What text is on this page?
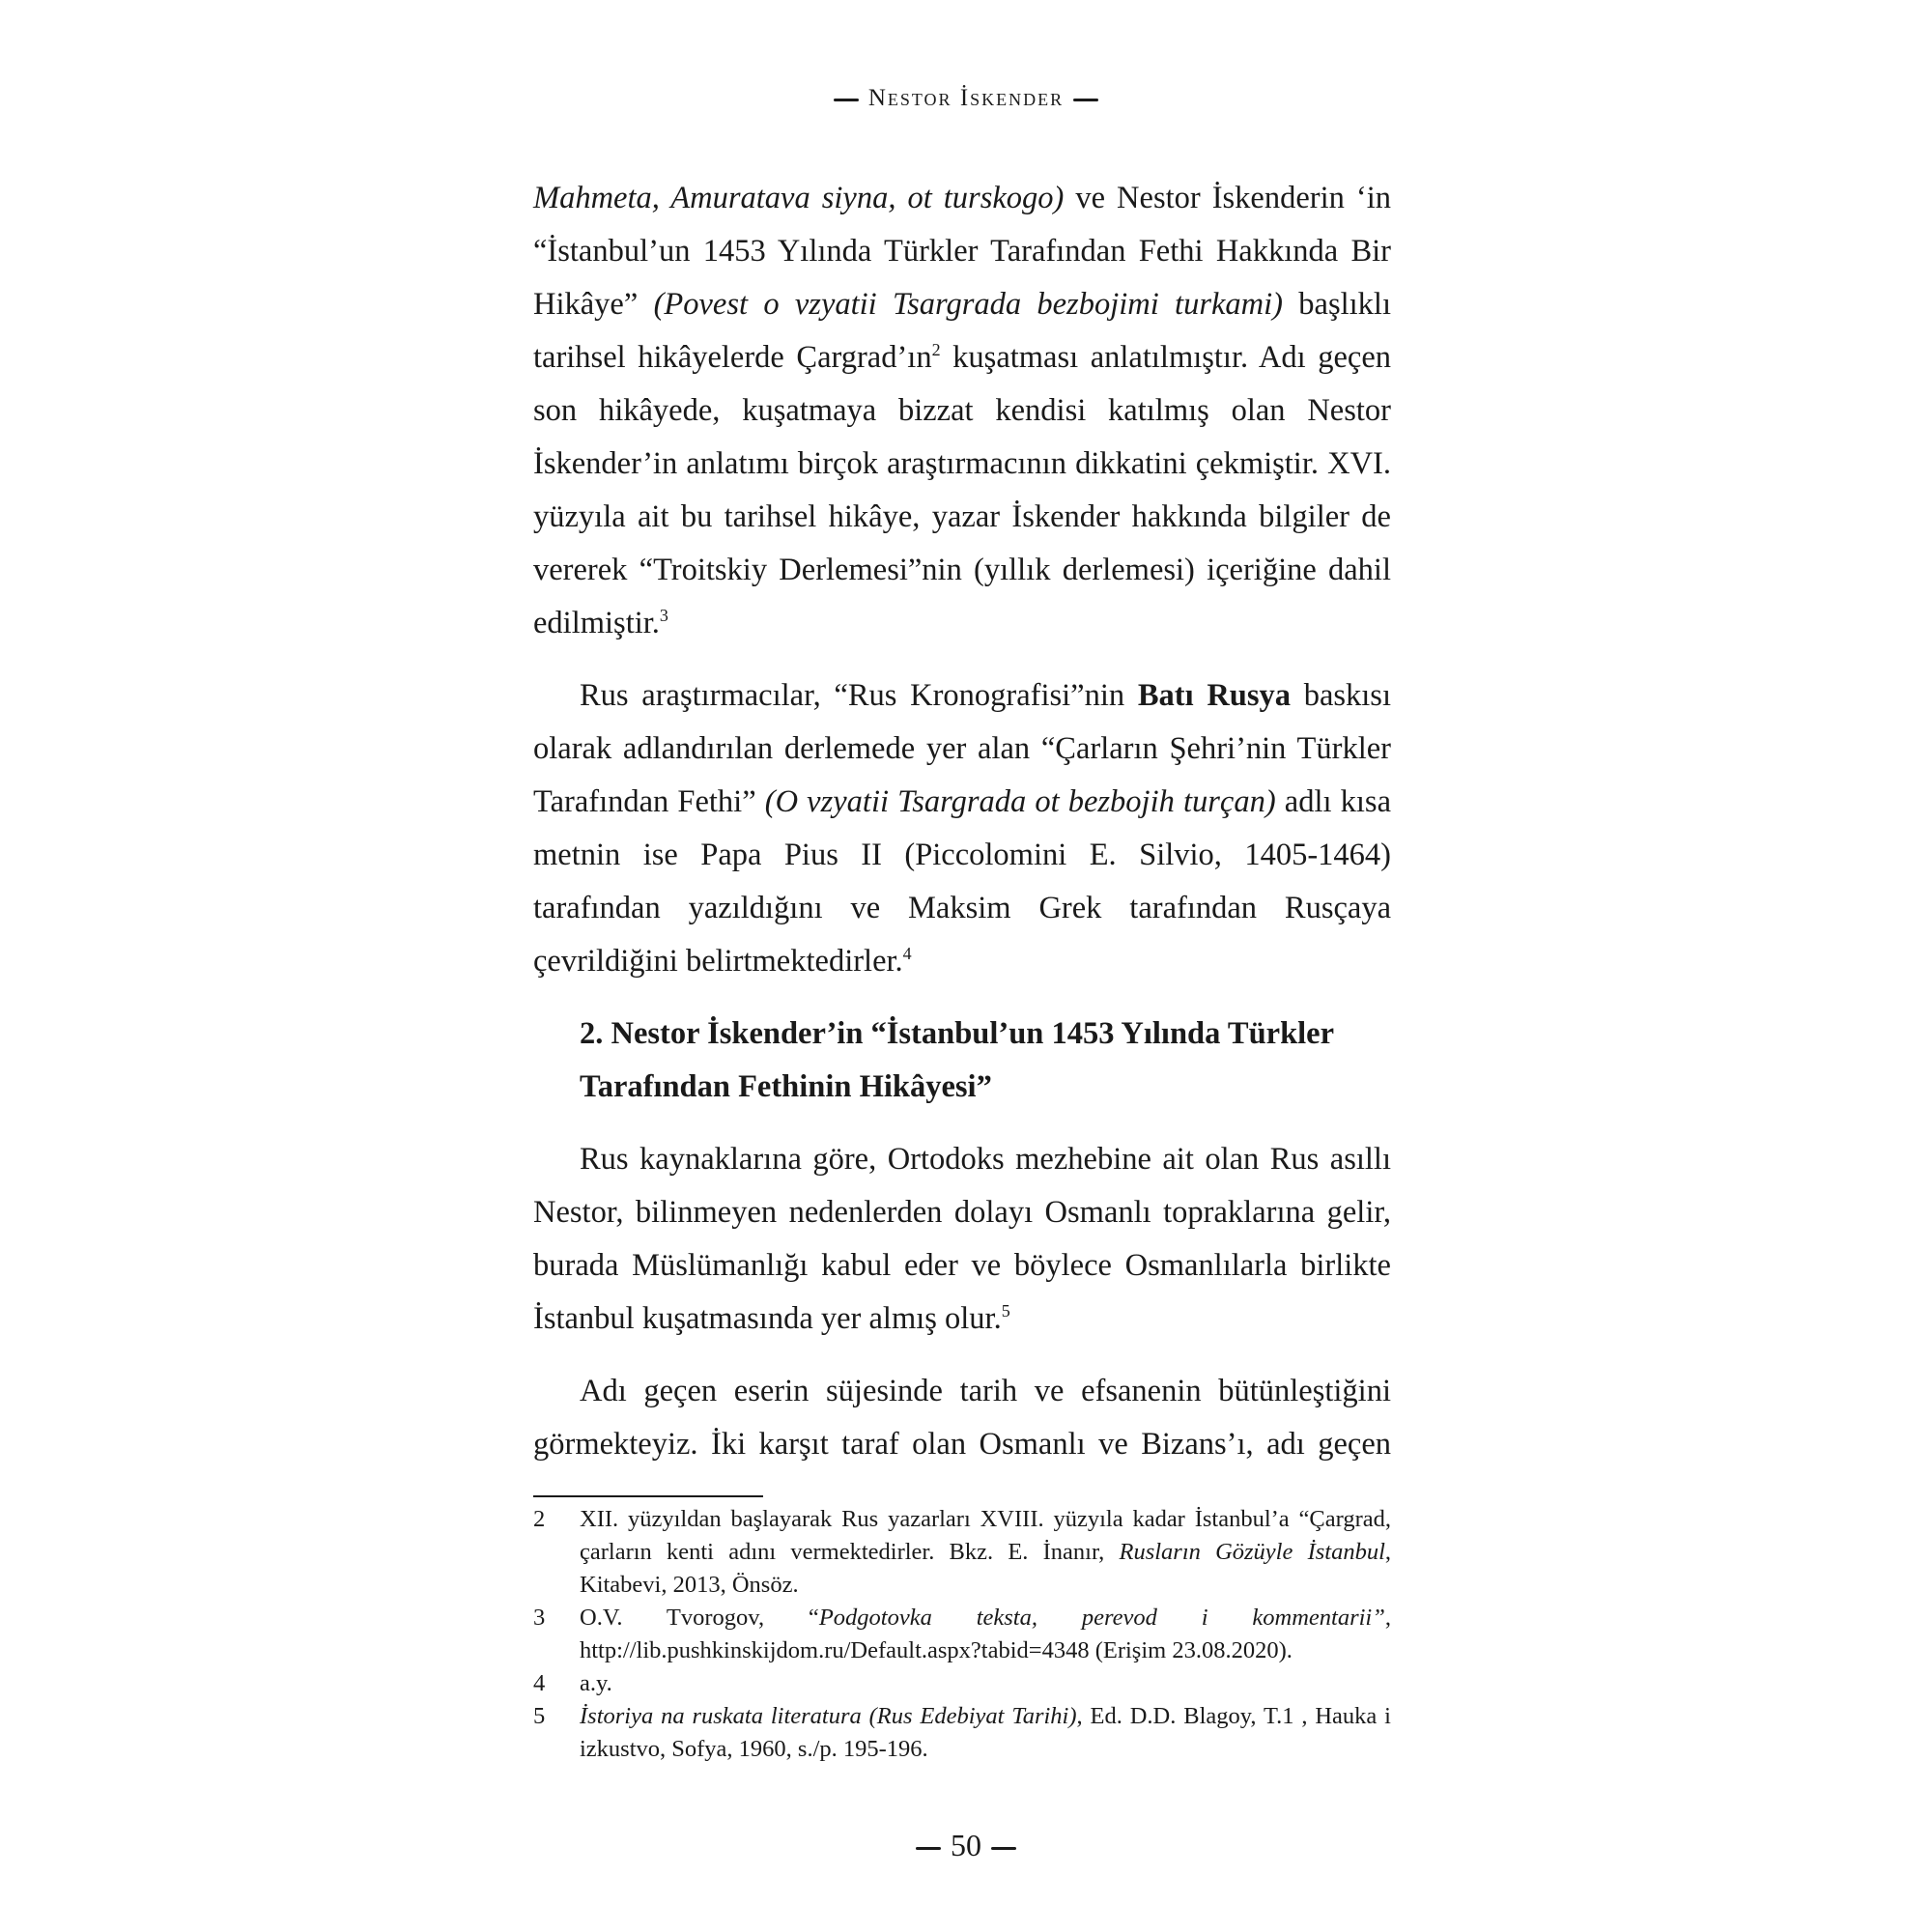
Nestor İskender

Mahmeta, Amuratava siyna, ot turskogo) ve Nestor İskenderin ‘in “İstanbul’un 1453 Yılında Türkler Tarafından Fethi Hakkında Bir Hikâye” (Povest o vzyatii Tsargrada bezbojimi turkami) başlıklı tarihsel hikâyelerde $Çargrad’ın^2$ kuşatması anlatılmıştır. Adı geçen son hikâyede, kuşatmaya bizzat kendisi katılmış olan Nestor İskender’in anlatımı birçok araştırmacının dikkatini çekmiştir. XVI. yüzyıla ait bu tarihsel hikâye, yazar İskender hakkında bilgiler de vererek “Troitskiy Derlemesi”nin (yıllık derlemesi) içeriğine dahil edilmiştir.$^3$

Rus araştırmacılar, “Rus Kronografisi”nin Batı Rusya baskısı olarak adlandırılan derlemede yer alan “Çarların Şehri’nin Türkler Tarafından Fethi” (O vzyatii Tsargrada ot bezbojih turçan) adlı kısa metnin ise Papa Pius II (Piccolomini E. Silvio, 1405-1464) tarafından yazıldığını ve Maksim Grek tarafından Rusçaya çevrildiğini belirtmektedirler.$^4$

2. Nestor İskender’in “İstanbul’un 1453 Yılında Türkler Tarafından Fethinin Hikâyesi”

Rus kaynaklarına göre, Ortodoks mezhebine ait olan Rus asıllı Nestor, bilinmeyen nedenlerden dolayı Osmanlı topraklarına gelir, burada Müslümanlığı kabul eder ve böylece Osmanlılarla birlikte İstanbul kuşatmasında yer almış olur.$^5$

Adı geçen eserin süjesinde tarih ve efsanenin bütünleştiğini görmekteyiz. İki karşıt taraf olan Osmanlı ve Bizans’ı, adı geçen

2	XII. yüzyıldan başlayarak Rus yazarları XVIII. yüzyıla kadar İstanbul’a “Çargrad, çarların kenti adını vermektedirler. Bkz. E. İnanır, Rusların Gözüyle İstanbul, Kitabevi, 2013, Önsöz.
3	O.V. Tvorogov, “Podgotovka teksta, perevod i kommentarii”, http://lib.pushkinskijdom.ru/Default.aspx?tabid=4348 (Erişim 23.08.2020).
4	a.y.
5	İstoriya na ruskata literatura (Rus Edebiyat Tarihi), Ed. D.D. Blagoy, T.1 , Hauka i izkustvo, Sofya, 1960, s./p. 195-196.
50
